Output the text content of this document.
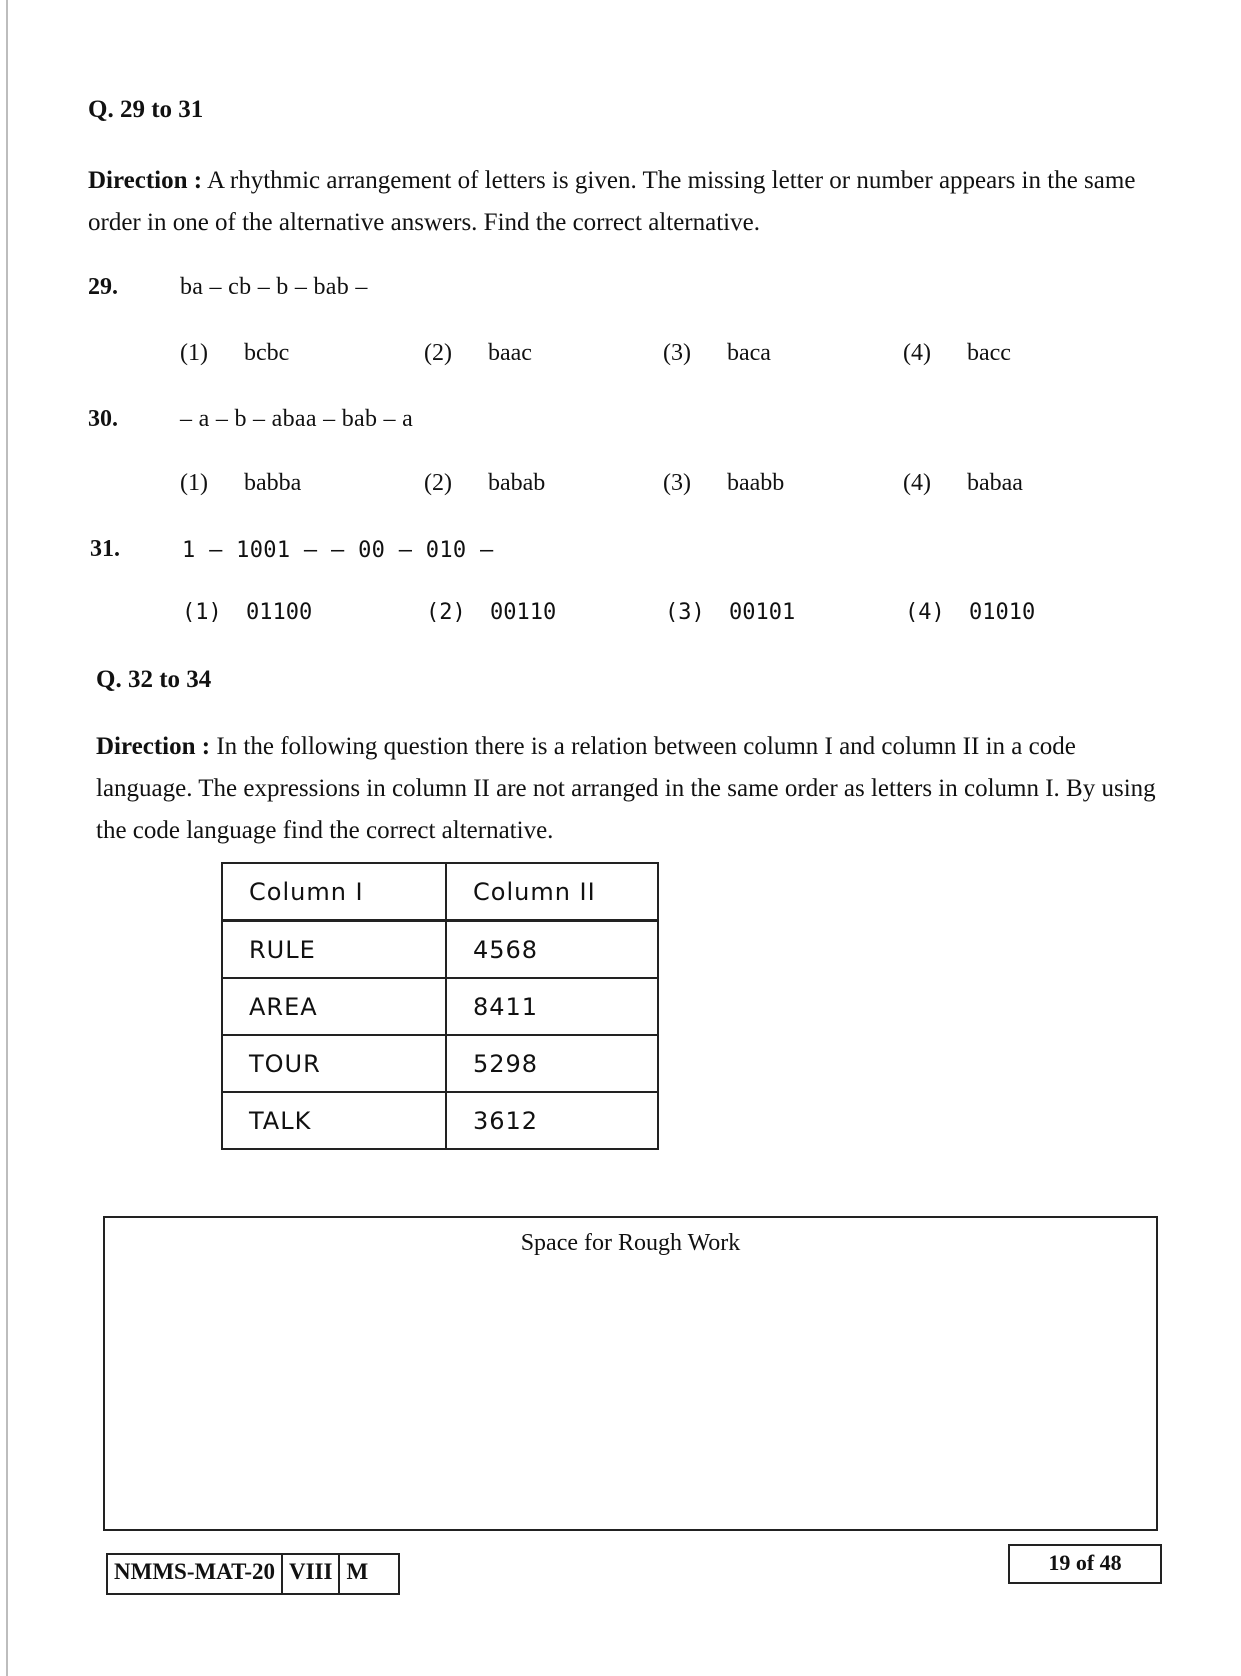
Q. 29 to 31
Direction : A rhythmic arrangement of letters is given. The missing letter or number appears in the same order in one of the alternative answers. Find the correct alternative.
29.	ba – cb – b – bab –
(1) bcbc	(2) baac	(3) baca	(4) bacc
30.	– a – b – abaa – bab – a
(1) babba	(2) babab	(3) baabb	(4) babaa
31.	1 – 1001 – – 00 – 010 –
(1) 01100	(2) 00110	(3) 00101	(4) 01010
Q. 32 to 34
Direction : In the following question there is a relation between column I and column II in a code language. The expressions in column II are not arranged in the same order as letters in column I. By using the code language find the correct alternative.
Column I	Column II
RULE	4568
AREA	8411
TOUR	5298
TALK	3612
Space for Rough Work
NMMS-MAT-20 VIII M	19 of 48
